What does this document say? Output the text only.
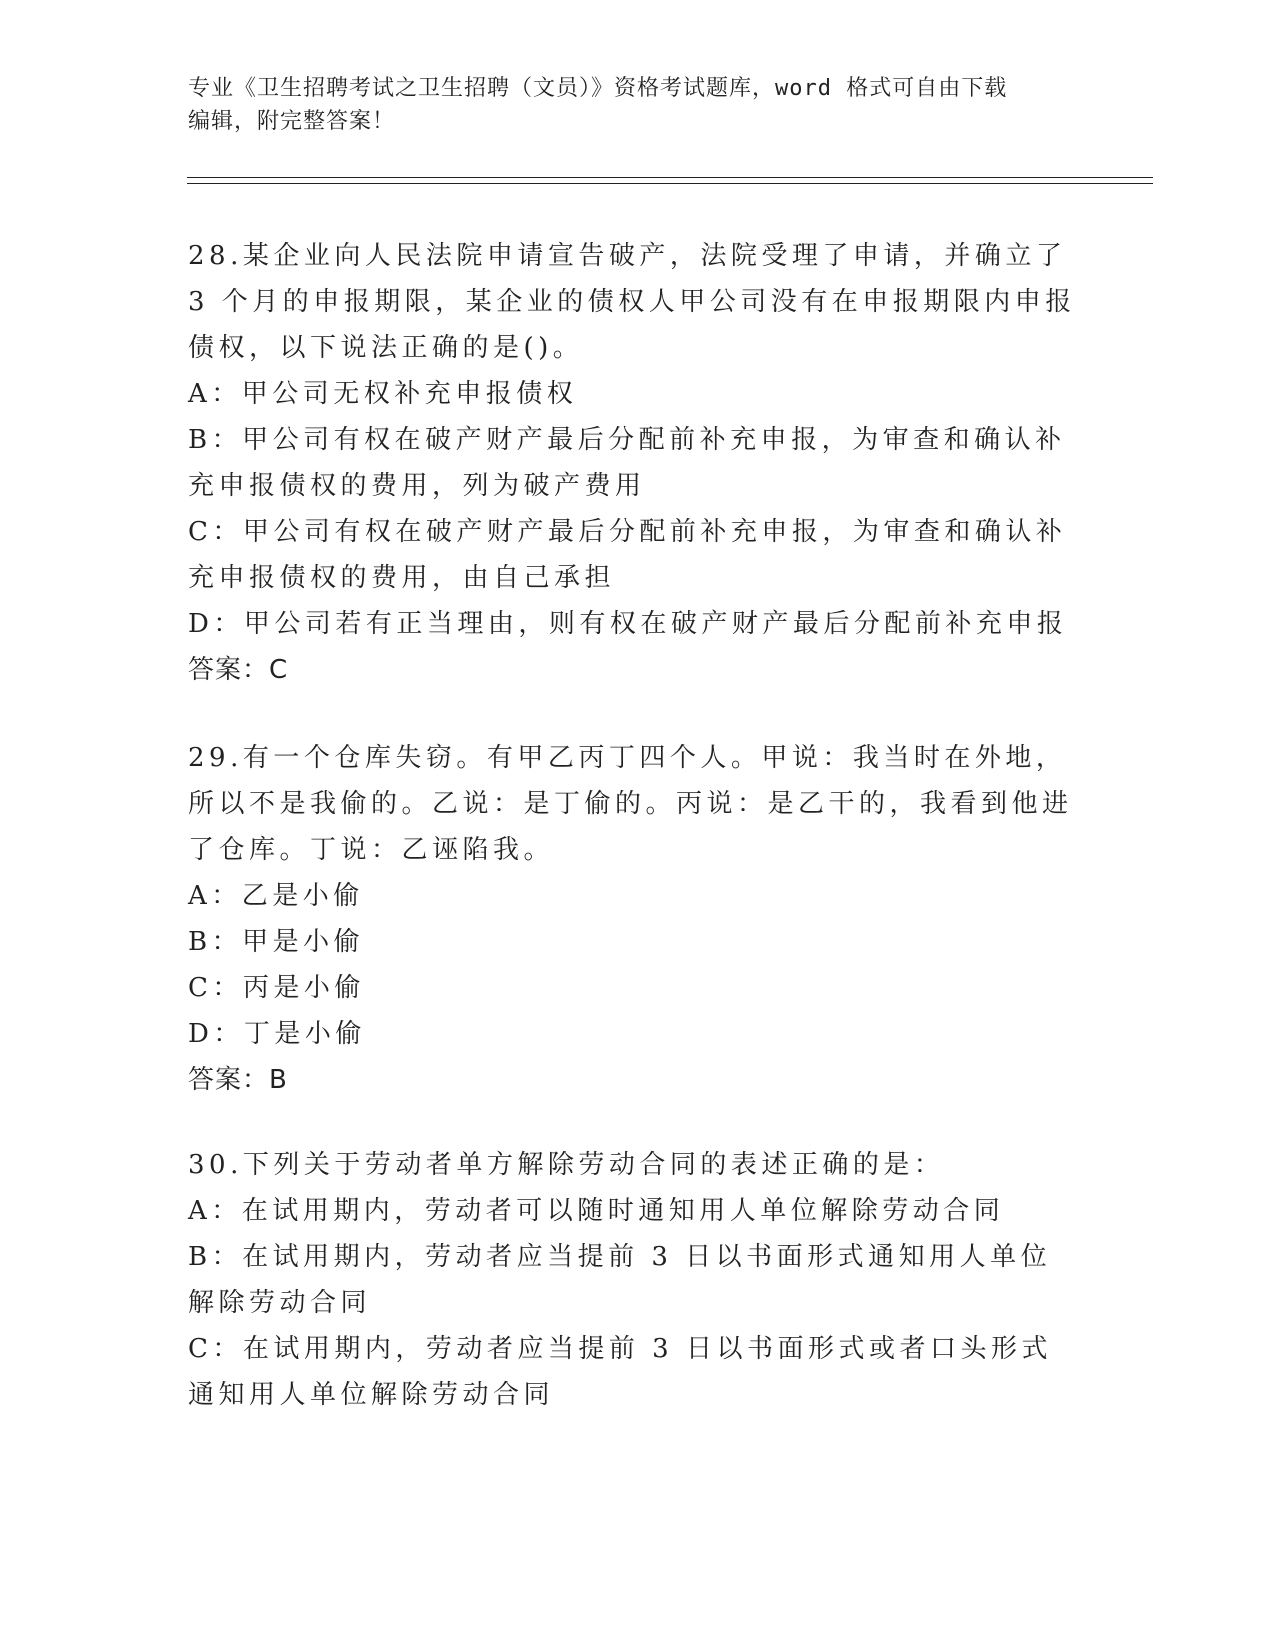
专业《卫生招聘考试之卫生招聘（文员）》资格考试题库，word 格式可自由下载
编辑，附完整答案！

28.某企业向人民法院申请宣告破产，法院受理了申请，并确立了 3 个月的申报期限，某企业的债权人甲公司没有在申报期限内申报债权，以下说法正确的是()。

A：甲公司无权补充申报债权

B：甲公司有权在破产财产最后分配前补充申报，为审查和确认补充申报债权的费用，列为破产费用

C：甲公司有权在破产财产最后分配前补充申报，为审查和确认补充申报债权的费用，由自己承担

D：甲公司若有正当理由，则有权在破产财产最后分配前补充申报

答案：C

29.有一个仓库失窃。有甲乙丙丁四个人。甲说：我当时在外地，所以不是我偷的。乙说：是丁偷的。丙说：是乙干的，我看到他进了仓库。丁说：乙诬陷我。

A：乙是小偷

B：甲是小偷

C：丙是小偷

D：丁是小偷

答案：B

30.下列关于劳动者单方解除劳动合同的表述正确的是：

A：在试用期内，劳动者可以随时通知用人单位解除劳动合同

B：在试用期内，劳动者应当提前 3 日以书面形式通知用人单位解除劳动合同

C：在试用期内，劳动者应当提前 3 日以书面形式或者口头形式通知用人单位解除劳动合同
